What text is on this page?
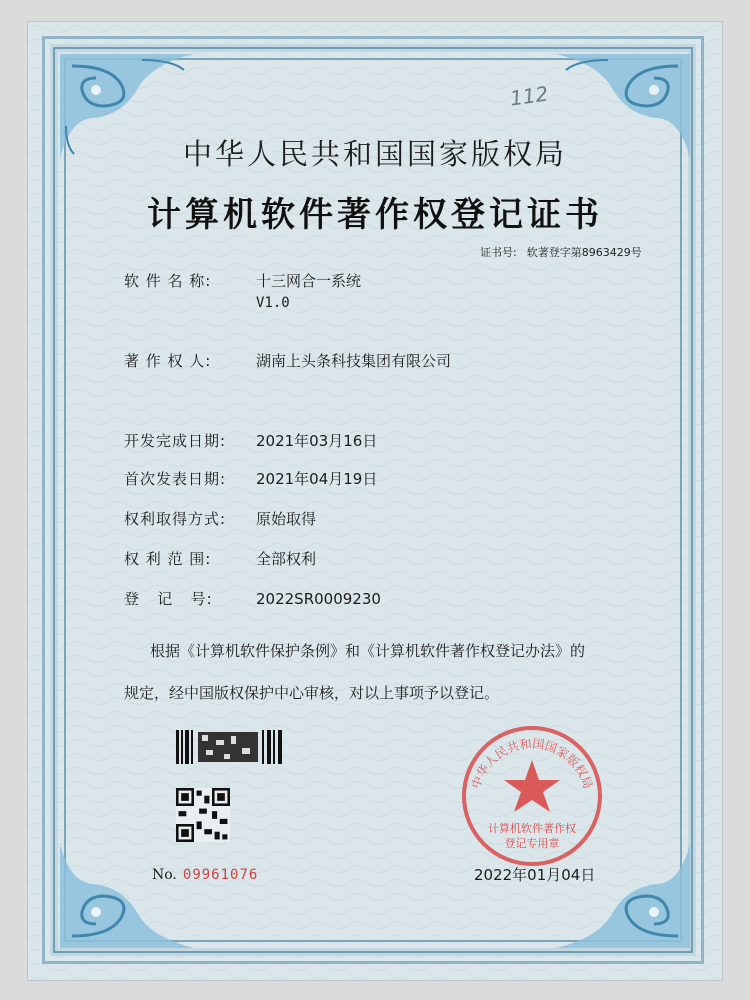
112
中华人民共和国国家版权局
计算机软件著作权登记证书
证书号: 软著登字第8963429号
软 件 名 称:	十三网合一系统
V1.0
著 作 权 人:	湖南上头条科技集团有限公司
开发完成日期: 2021年03月16日
首次发表日期: 2021年04月19日
权利取得方式: 原始取得
权 利 范 围:	全部权利
登   记   号:	2022SR0009230
根据《计算机软件保护条例》和《计算机软件著作权登记办法》的
规定，经中国版权保护中心审核，对以上事项予以登记。
No. 09961076
中华人民共和国国家版权局
计算机软件著作权
登记专用章
2022年01月04日
